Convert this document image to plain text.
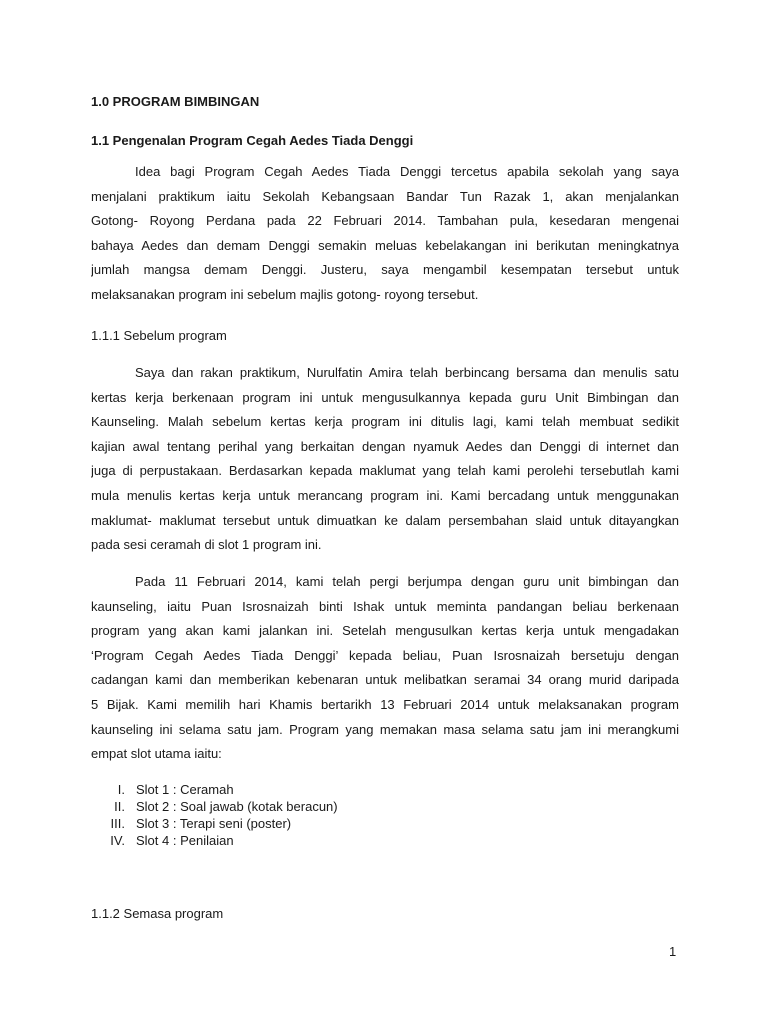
1.0 PROGRAM BIMBINGAN
1.1 Pengenalan Program Cegah Aedes Tiada Denggi
Idea bagi Program Cegah Aedes Tiada Denggi tercetus apabila sekolah yang saya
menjalani praktikum iaitu Sekolah Kebangsaan Bandar Tun Razak 1, akan menjalankan
Gotong- Royong Perdana pada 22 Februari 2014. Tambahan pula, kesedaran mengenai
bahaya Aedes dan demam Denggi semakin meluas kebelakangan ini berikutan meningkatnya
jumlah mangsa demam Denggi. Justeru, saya mengambil kesempatan tersebut untuk
melaksanakan program ini sebelum majlis gotong- royong tersebut.
1.1.1 Sebelum program
Saya dan rakan praktikum, Nurulfatin Amira telah berbincang bersama dan menulis satu
kertas kerja berkenaan program ini untuk mengusulkannya kepada guru Unit Bimbingan dan
Kaunseling. Malah sebelum kertas kerja program ini ditulis lagi, kami telah membuat sedikit
kajian awal tentang perihal yang berkaitan dengan nyamuk Aedes dan Denggi di internet dan
juga di perpustakaan. Berdasarkan kepada maklumat yang telah kami perolehi tersebutlah kami
mula menulis kertas kerja untuk merancang program ini. Kami bercadang untuk menggunakan
maklumat- maklumat tersebut untuk dimuatkan ke dalam persembahan slaid untuk ditayangkan
pada sesi ceramah di slot 1 program ini.
Pada 11 Februari 2014, kami telah pergi berjumpa dengan guru unit bimbingan dan
kaunseling, iaitu Puan Isrosnaizah binti Ishak untuk meminta pandangan beliau berkenaan
program yang akan kami jalankan ini. Setelah mengusulkan kertas kerja untuk mengadakan
‘Program Cegah Aedes Tiada Denggi’ kepada beliau, Puan Isrosnaizah bersetuju dengan
cadangan kami dan memberikan kebenaran untuk melibatkan seramai 34 orang murid daripada
5 Bijak. Kami memilih hari Khamis bertarikh 13 Februari 2014 untuk melaksanakan program
kaunseling ini selama satu jam. Program yang memakan masa selama satu jam ini merangkumi
empat slot utama iaitu:
I. Slot 1 : Ceramah
II. Slot 2 : Soal jawab (kotak beracun)
III. Slot 3 : Terapi seni (poster)
IV. Slot 4 : Penilaian
1.1.2 Semasa program
1
